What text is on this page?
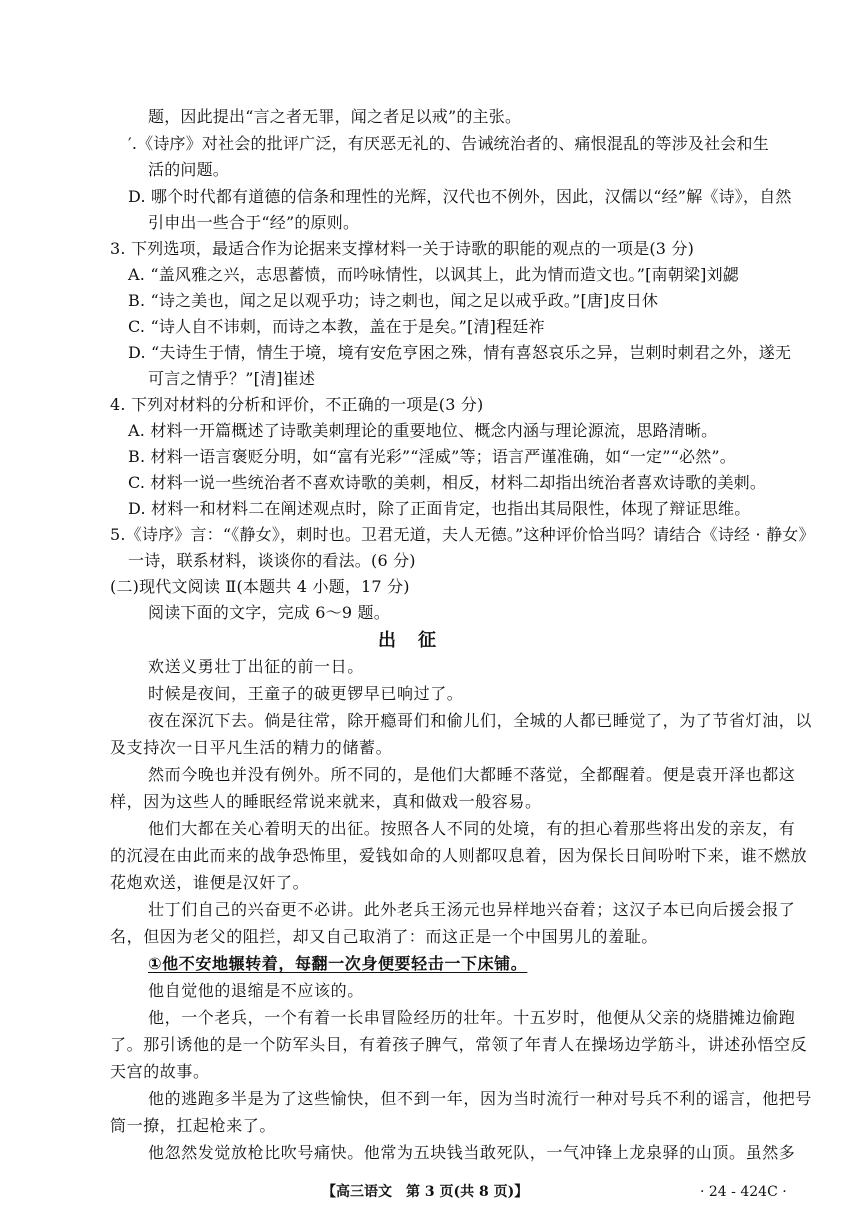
题，因此提出“言之者无罪，闻之者足以戒”的主张。
′.《诗序》对社会的批评广泛，有厌恶无礼的、告诫统治者的、痛恨混乱的等涉及社会和生
活的问题。
D. 哪个时代都有道德的信条和理性的光辉，汉代也不例外，因此，汉儒以“经”解《诗》，自然
引申出一些合于“经”的原则。
3. 下列选项，最适合作为论据来支撑材料一关于诗歌的职能的观点的一项是(3 分)
A. “盖风雅之兴，志思蓄愤，而吟咏情性，以讽其上，此为情而造文也。”[南朝梁]刘勰
B. “诗之美也，闻之足以观乎功；诗之刺也，闻之足以戒乎政。”[唐]皮日休
C. “诗人自不讳刺，而诗之本教，盖在于是矣。”[清]程廷祚
D. “夫诗生于情，情生于境，境有安危亨困之殊，情有喜怒哀乐之异，岂刺时刺君之外，遂无
可言之情乎？”[清]崔述
4. 下列对材料的分析和评价，不正确的一项是(3 分)
A. 材料一开篇概述了诗歌美刺理论的重要地位、概念内涵与理论源流，思路清晰。
B. 材料一语言褒贬分明，如“富有光彩”“淫威”等；语言严谨准确，如“一定”“必然”。
C. 材料一说一些统治者不喜欢诗歌的美刺，相反，材料二却指出统治者喜欢诗歌的美刺。
D. 材料一和材料二在阐述观点时，除了正面肯定，也指出其局限性，体现了辩证思维。
5.《诗序》言：“《静女》，刺时也。卫君无道，夫人无德。”这种评价恰当吗？请结合《诗经 · 静女》
一诗，联系材料，谈谈你的看法。(6 分)
(二)现代文阅读 Ⅱ(本题共 4 小题，17 分)
阅读下面的文字，完成 6～9 题。
出征
欢送义勇壮丁出征的前一日。
时候是夜间，王童子的破更锣早已响过了。
夜在深沉下去。倘是往常，除开瘾哥们和偷儿们，全城的人都已睡觉了，为了节省灯油，以
及支持次一日平凡生活的精力的储蓄。
然而今晚也并没有例外。所不同的，是他们大都睡不落觉，全都醒着。便是袁开泽也都这
样，因为这些人的睡眠经常说来就来，真和做戏一般容易。
他们大都在关心着明天的出征。按照各人不同的处境，有的担心着那些将出发的亲友，有
的沉浸在由此而来的战争恐怖里，爱钱如命的人则都叹息着，因为保长日间吩咐下来，谁不燃放
花炮欢送，谁便是汉奸了。
壮丁们自己的兴奋更不必讲。此外老兵王汤元也异样地兴奋着；这汉子本已向后援会报了
名，但因为老父的阻拦，却又自己取消了：而这正是一个中国男儿的羞耻。
①他不安地辗转着，每翻一次身便要轻击一下床铺。
他自觉他的退缩是不应该的。
他，一个老兵，一个有着一长串冒险经历的壮年。十五岁时，他便从父亲的烧腊摊边偷跑
了。那引诱他的是一个防军头目，有着孩子脾气，常领了年青人在操场边学筋斗，讲述孙悟空反
天宫的故事。
他的逃跑多半是为了这些愉快，但不到一年，因为当时流行一种对号兵不利的谣言，他把号
筒一撩，扛起枪来了。
他忽然发觉放枪比吹号痛快。他常为五块钱当敢死队，一气冲锋上龙泉驿的山顶。虽然多
【高三语文　第 3 页(共 8 页)】	· 24 - 424C ·
